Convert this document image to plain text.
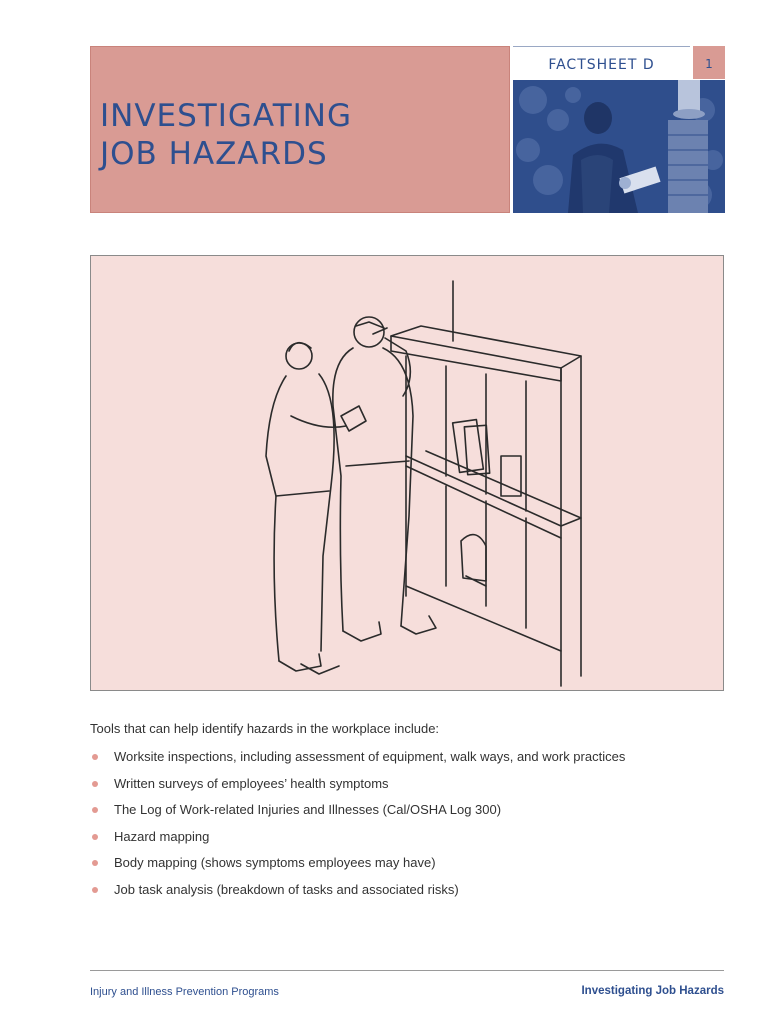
INVESTIGATING
JOB HAZARDS
FACTSHEET D	1
Tools that can help identify hazards in the workplace include:
Worksite inspections, including assessment of equipment, walk ways, and work practices
Written surveys of employees’ health symptoms
The Log of Work-related Injuries and Illnesses (Cal/OSHA Log 300)
Hazard mapping
Body mapping (shows symptoms employees may have)
Job task analysis (breakdown of tasks and associated risks)
Injury and Illness Prevention Programs	Investigating Job Hazards
